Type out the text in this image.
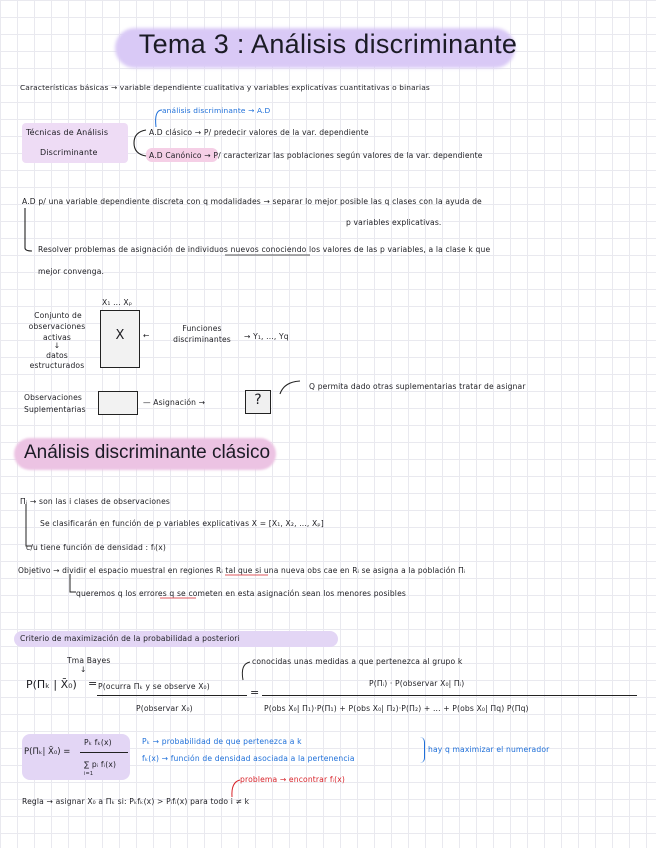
Tema 3 : Análisis discriminante
Características básicas → variable dependiente cualitativa y variables explicativas cuantitativas o binarias
Técnicas de Análisis
Discriminante
análisis discriminante → A.D
A.D clásico → P/ predecir valores de la var. dependiente
A.D Canónico → P/ caracterizar las poblaciones según valores de la var. dependiente
A.D p/ una variable dependiente discreta con q modalidades → separar lo mejor posible las q clases con la ayuda de
p variables explicativas.
Resolver problemas de asignación de individuos nuevos conociendo los valores de las p variables, a la clase k que
mejor convenga.
X₁ ... Xₚ
Conjunto de
observaciones
activas
↓
datos
estructurados
X	←
Funciones
discriminantes	→ Y₁, ..., Yq
Observaciones
Suplementarias
— Asignación →	?
Q permita dado otras suplementarias tratar de asignar
Análisis discriminante clásico
Πᵢ → son las i clases de observaciones
Se clasificarán en función de p variables explicativas X = [X₁, X₂, ..., Xₚ]
c/u tiene función de densidad : fᵢ(x)
Objetivo → dividir el espacio muestral en regiones Rᵢ tal que si una nueva obs cae en Rᵢ se asigna a la población Πᵢ
queremos q los errores q se cometen en esta asignación sean los menores posibles
Criterio de maximización de la probabilidad a posteriori
Tma Bayes
↓
P(Πₖ | X̄₀) = P(ocurra Πₖ y se observe X₀)
P(observar X₀)
=
conocidas unas medidas a que pertenezca al grupo k
P(Πᵢ) · P(observar X₀| Πᵢ)
P(obs X₀| Π₁)·P(Π₁) + P(obs X₀| Π₂)·P(Π₂) + ... + P(obs X₀| Πq) P(Πq)
P(Πₖ| X̄₀) =
Pₖ fₖ(x)
∑ pᵢ fᵢ(x)
i=1
Pₖ → probabilidad de que pertenezca a k
fₖ(x) → función de densidad asociada a la pertenencia
hay q maximizar el numerador
problema → encontrar fᵢ(x)
Regla → asignar X₀ a Πₖ si: Pₖfₖ(x) > Pᵢfᵢ(x) para todo i ≠ k
